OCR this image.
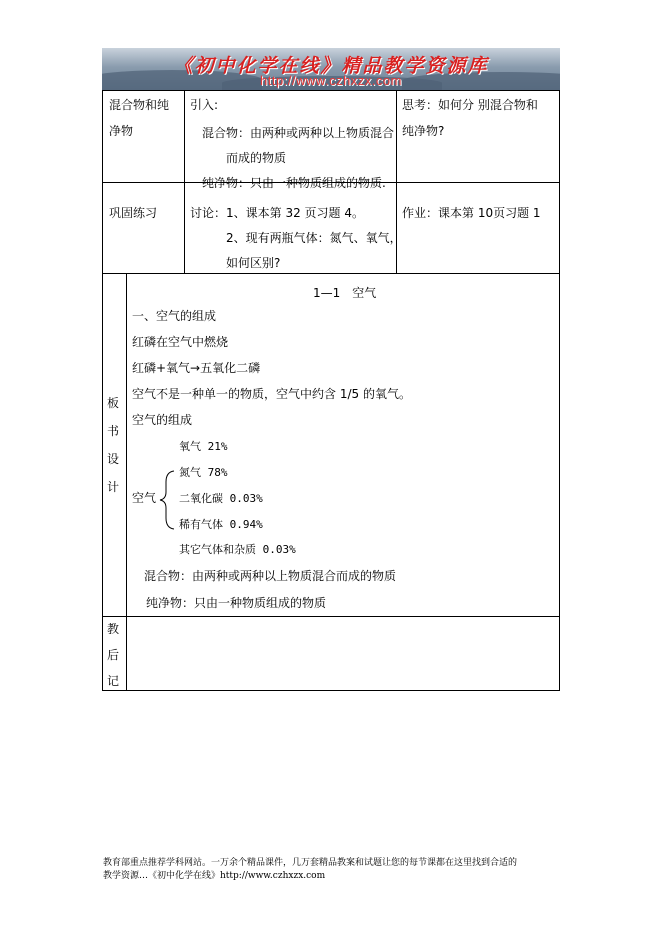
《初中化学在线》精品教学资源库
http://www.czhxzx.com
混合物和纯
净物
引入:
混合物：由两种或两种以上物质混合
而成的物质
纯净物：只由一种物质组成的物质.
思考：如何分 别混合物和
纯净物?
巩固练习	讨论：1、课本第 32 页习题 4。
2、现有两瓶气体：氮气、氧气，
如何区别?
作业：课本第 10页习题 1
板
书
设
计
1—1　空气
一、空气的组成
红磷在空气中燃烧
红磷+氧气→五氧化二磷
空气不是一种单一的物质，空气中约含 1/5 的氧气。
空气的组成
空气
氧气 21%
氮气 78%
二氧化碳 0.03%
稀有气体 0.94%
其它气体和杂质 0.03%
混合物：由两种或两种以上物质混合而成的物质
纯净物：只由一种物质组成的物质
教
后
记
教育部重点推荐学科网站。一万余个精品课件，几万套精品教案和试题让您的每节课都在这里找到合适的
教学资源…《初中化学在线》http://www.czhxzx.com
